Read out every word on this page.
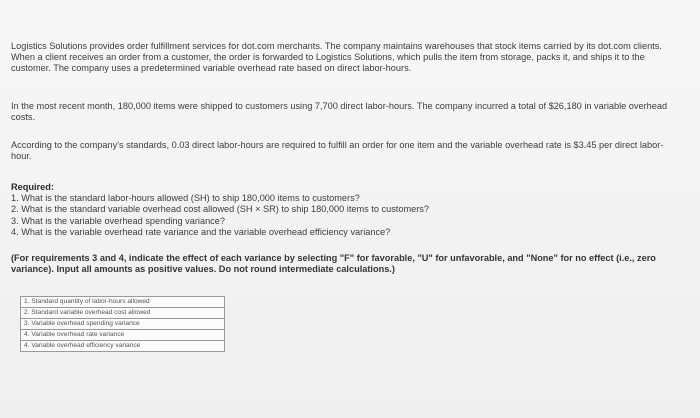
Logistics Solutions provides order fulfillment services for dot.com merchants. The company maintains warehouses that stock items carried by its dot.com clients. When a client receives an order from a customer, the order is forwarded to Logistics Solutions, which pulls the item from storage, packs it, and ships it to the customer. The company uses a predetermined variable overhead rate based on direct labor-hours.

In the most recent month, 180,000 items were shipped to customers using 7,700 direct labor-hours. The company incurred a total of $26,180 in variable overhead costs.

According to the company's standards, 0.03 direct labor-hours are required to fulfill an order for one item and the variable overhead rate is $3.45 per direct labor-hour.

Required:

1. What is the standard labor-hours allowed (SH) to ship 180,000 items to customers?

2. What is the standard variable overhead cost allowed (SH × SR) to ship 180,000 items to customers?

3. What is the variable overhead spending variance?

4. What is the variable overhead rate variance and the variable overhead efficiency variance?

(For requirements 3 and 4, indicate the effect of each variance by selecting "F" for favorable, "U" for unfavorable, and "None" for no effect (i.e., zero variance). Input all amounts as positive values. Do not round intermediate calculations.)

1. Standard quantity of labor-hours allowed
2. Standard variable overhead cost allowed
3. Variable overhead spending variance
4. Variable overhead rate variance
4. Variable overhead efficiency variance
